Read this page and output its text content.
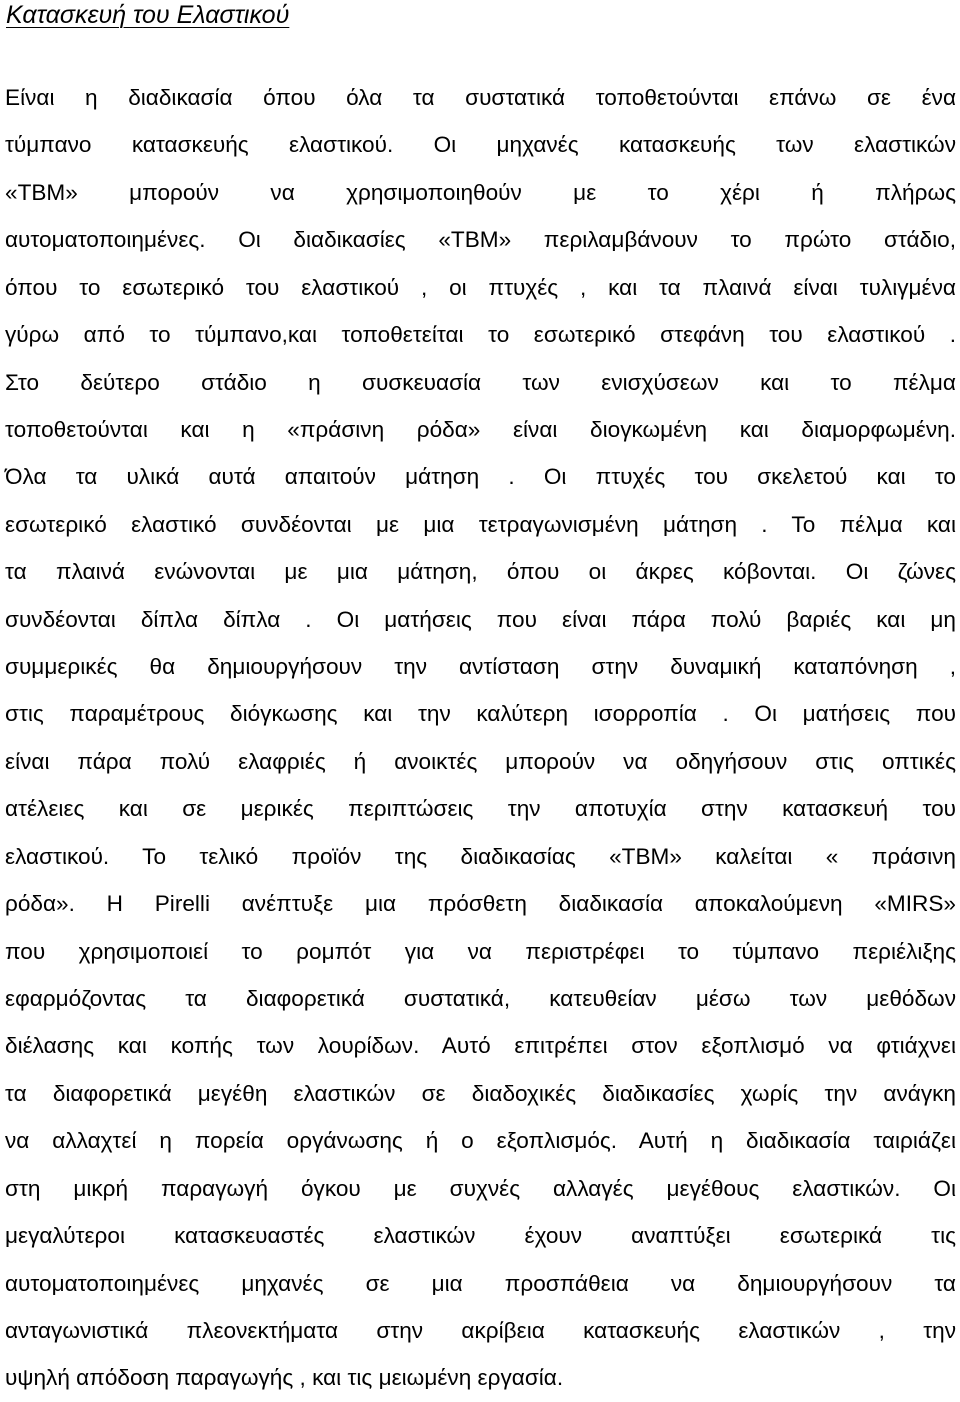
Κατασκευή του Ελαστικού
Είναι η διαδικασία όπου όλα τα συστατικά τοποθετούνται επάνω σε ένα
τύμπανο κατασκευής ελαστικού. Οι μηχανές κατασκευής των ελαστικών
«ΤΒΜ» μπορούν να χρησιμοποιηθούν με το χέρι ή πλήρως
αυτοματοποιημένες. Οι διαδικασίες «ΤΒΜ» περιλαμβάνουν το πρώτο στάδιο,
όπου το εσωτερικό του ελαστικού , οι πτυχές , και τα πλαινά είναι τυλιγμένα
γύρω από το τύμπανο,και τοποθετείται το εσωτερικό στεφάνη του ελαστικού .
Στο δεύτερο στάδιο η συσκευασία των ενισχύσεων και το πέλμα
τοποθετούνται και η «πράσινη ρόδα» είναι διογκωμένη και διαμορφωμένη.
Όλα τα υλικά αυτά απαιτούν μάτηση . Οι πτυχές του σκελετού και το
εσωτερικό ελαστικό συνδέονται με μια τετραγωνισμένη μάτηση . Το πέλμα και
τα πλαινά ενώνονται με μια μάτηση, όπου οι άκρες κόβονται. Οι ζώνες
συνδέονται δίπλα δίπλα . Οι ματήσεις που είναι πάρα πολύ βαριές και μη
συμμερικές θα δημιουργήσουν την αντίσταση στην δυναμική καταπόνηση ,
στις παραμέτρους διόγκωσης και την καλύτερη ισορροπία . Οι ματήσεις που
είναι πάρα πολύ ελαφριές ή ανοικτές μπορούν να οδηγήσουν στις οπτικές
ατέλειες και σε μερικές περιπτώσεις την αποτυχία στην κατασκευή του
ελαστικού. Το τελικό προϊόν της διαδικασίας «ΤΒΜ» καλείται « πράσινη
ρόδα». Η Pirelli ανέπτυξε μια πρόσθετη διαδικασία αποκαλούμενη «MIRS»
που χρησιμοποιεί το ρομπότ για να περιστρέφει το τύμπανο περιέλιξης
εφαρμόζοντας τα διαφορετικά συστατικά, κατευθείαν μέσω των μεθόδων
διέλασης και κοπής των λουρίδων. Αυτό επιτρέπει στον εξοπλισμό να φτιάχνει
τα διαφορετικά μεγέθη ελαστικών σε διαδοχικές διαδικασίες χωρίς την ανάγκη
να αλλαχτεί η πορεία οργάνωσης ή ο εξοπλισμός. Αυτή η διαδικασία ταιριάζει
στη μικρή παραγωγή όγκου με συχνές αλλαγές μεγέθους ελαστικών. Οι
μεγαλύτεροι κατασκευαστές ελαστικών έχουν αναπτύξει εσωτερικά τις
αυτοματοποιημένες μηχανές σε μια προσπάθεια να δημιουργήσουν τα
ανταγωνιστικά πλεονεκτήματα στην ακρίβεια κατασκευής ελαστικών , την
υψηλή απόδοση παραγωγής , και τις μειωμένη εργασία.
